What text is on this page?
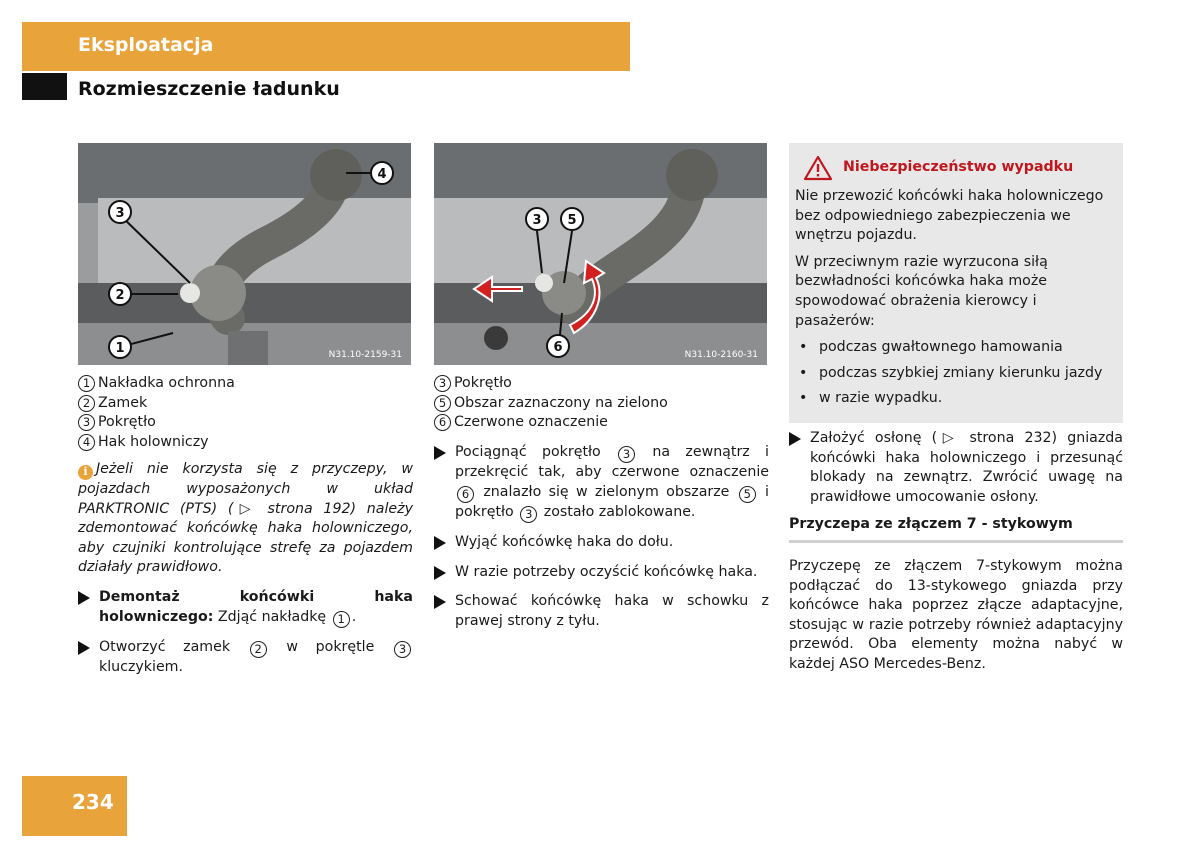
Eksploatacja
Rozmieszczenie ładunku
1
2
3
4
N31.10-2159-31
3 5
6	N31.10-2160-31
1 Nakładka ochronna
2 Zamek
3 Pokrętło
4 Hak holowniczy
i Jeżeli nie korzysta się z przyczepy, w pojazdach wyposażonych w układ PARKTRONIC (PTS) (▷ strona 192) należy zdemontować końcówkę haka holowniczego, aby czujniki kontrolujące strefę za pojazdem działały prawidłowo.
Demontaż końcówki haka holowniczego: Zdjąć nakładkę 1 .
Otworzyć zamek 2 w pokrętle 3 kluczykiem.
3 Pokrętło
5 Obszar zaznaczony na zielono
6 Czerwone oznaczenie
Pociągnąć pokrętło 3 na zewnątrz i przekręcić tak, aby czerwone oznaczenie 6 znalazło się w zielonym obszarze 5 i pokrętło 3 zostało zablokowane.
Wyjąć końcówkę haka do dołu.
W razie potrzeby oczyścić końcówkę haka.
Schować końcówkę haka w schowku z prawej strony z tyłu.
Niebezpieczeństwo wypadku
Nie przewozić końcówki haka holowniczego bez odpowiedniego zabezpieczenia we wnętrzu pojazdu.
W przeciwnym razie wyrzucona siłą bezwładności końcówka haka może spowodować obrażenia kierowcy i pasażerów:
• podczas gwałtownego hamowania
• podczas szybkiej zmiany kierunku jazdy
• w razie wypadku.
Założyć osłonę (▷ strona 232) gniazda końcówki haka holowniczego i przesunąć blokady na zewnątrz. Zwrócić uwagę na prawidłowe umocowanie osłony.
Przyczepa ze złączem 7 - stykowym
Przyczepę ze złączem 7-stykowym można podłączać do 13-stykowego gniazda przy końcówce haka poprzez złącze adaptacyjne, stosując w razie potrzeby również adaptacyjny przewód. Oba elementy można nabyć w każdej ASO Mercedes-Benz.
234
